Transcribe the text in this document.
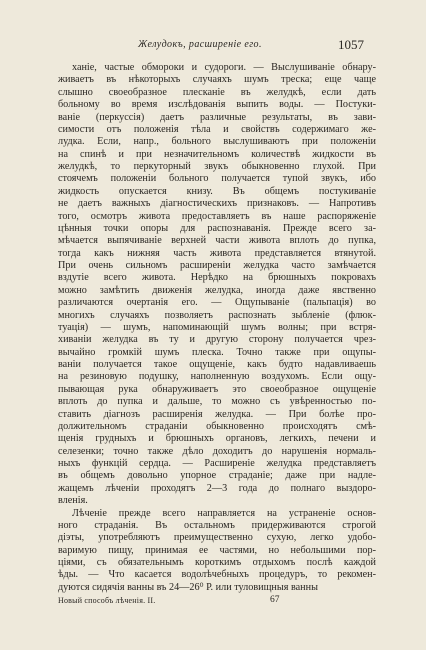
Желудокъ, расширеніе его.	1057
ханіе, частые обмороки и судороги. — Выслушиваніе обнару-
живаетъ въ нѣкоторыхъ случаяхъ шумъ треска; еще чаще
слышно своеобразное плесканіе въ желудкѣ, если дать
больному во время изслѣдованія выпить воды. — Постуки-
ваніе (перкуссія) даетъ различные результаты, въ зави-
симости отъ положенія тѣла и свойствъ содержимаго же-
лудка. Если, напр., больного выслушиваютъ при положеніи
на спинѣ и при незначительномъ количествѣ жидкости въ
желудкѣ, то перкуторный звукъ обыкновенно глухой. При
стоячемъ положеніи больного получается тупой звукъ, ибо
жидкость опускается книзу. Въ общемъ постукиваніе
не даетъ важныхъ діагностическихъ признаковъ. — Напротивъ
того, осмотръ живота предоставляетъ въ наше распоряженіе
цѣнныя точки опоры для распознаванія. Прежде всего за-
мѣчается выпячиваніе верхней части живота вплоть до пупка,
тогда какъ нижняя часть живота представляется втянутой.
При очень сильномъ расширеніи желудка часто замѣчается
вздутіе всего живота. Нерѣдко на брюшныхъ покровахъ
можно замѣтить движенія желудка, иногда даже явственно
различаются очертанія его. — Ощупываніе (пальпація) во
многихъ случаяхъ позволяетъ распознать зыбленіе (флюк-
туація) — шумъ, напоминающій шумъ волны; при встря-
хиваніи желудка въ ту и другую сторону получается чрез-
вычайно громкій шумъ плеска. Точно также при ощупы-
ваніи получается такое ощущеніе, какъ будто надавливаешь
на резиновую подушку, наполненную воздухомъ. Если ощу-
пывающая рука обнаруживаетъ это своеобразное ощущеніе
вплоть до пупка и дальше, то можно съ увѣренностью по-
ставить діагнозъ расширенія желудка. — При болѣе про-
должительномъ страданіи обыкновенно происходятъ смѣ-
щенія грудныхъ и брюшныхъ органовъ, легкихъ, печени и
селезенки; точно также дѣло доходитъ до нарушенія нормаль-
ныхъ функцій сердца. — Расширеніе желудка представляетъ
въ общемъ довольно упорное страданіе; даже при надле-
жащемъ лѣченіи проходятъ 2—3 года до полнаго выздоро-
вленія.
Лѣченіе прежде всего направляется на устраненіе основ-
ного страданія. Въ остальномъ придерживаются строгой
діэты, употребляютъ преимущественно сухую, легко удобо-
варимую пищу, принимая ее частями, но небольшими пор-
ціями, съ обязательнымъ короткимъ отдыхомъ послѣ каждой
ѣды. — Что касается водолѣчебныхъ процедуръ, то рекомен-
дуются сидячія ванны въ 24—26⁰ Р. или туловищныя ванны
Новый способъ лѣченія. II.	67
